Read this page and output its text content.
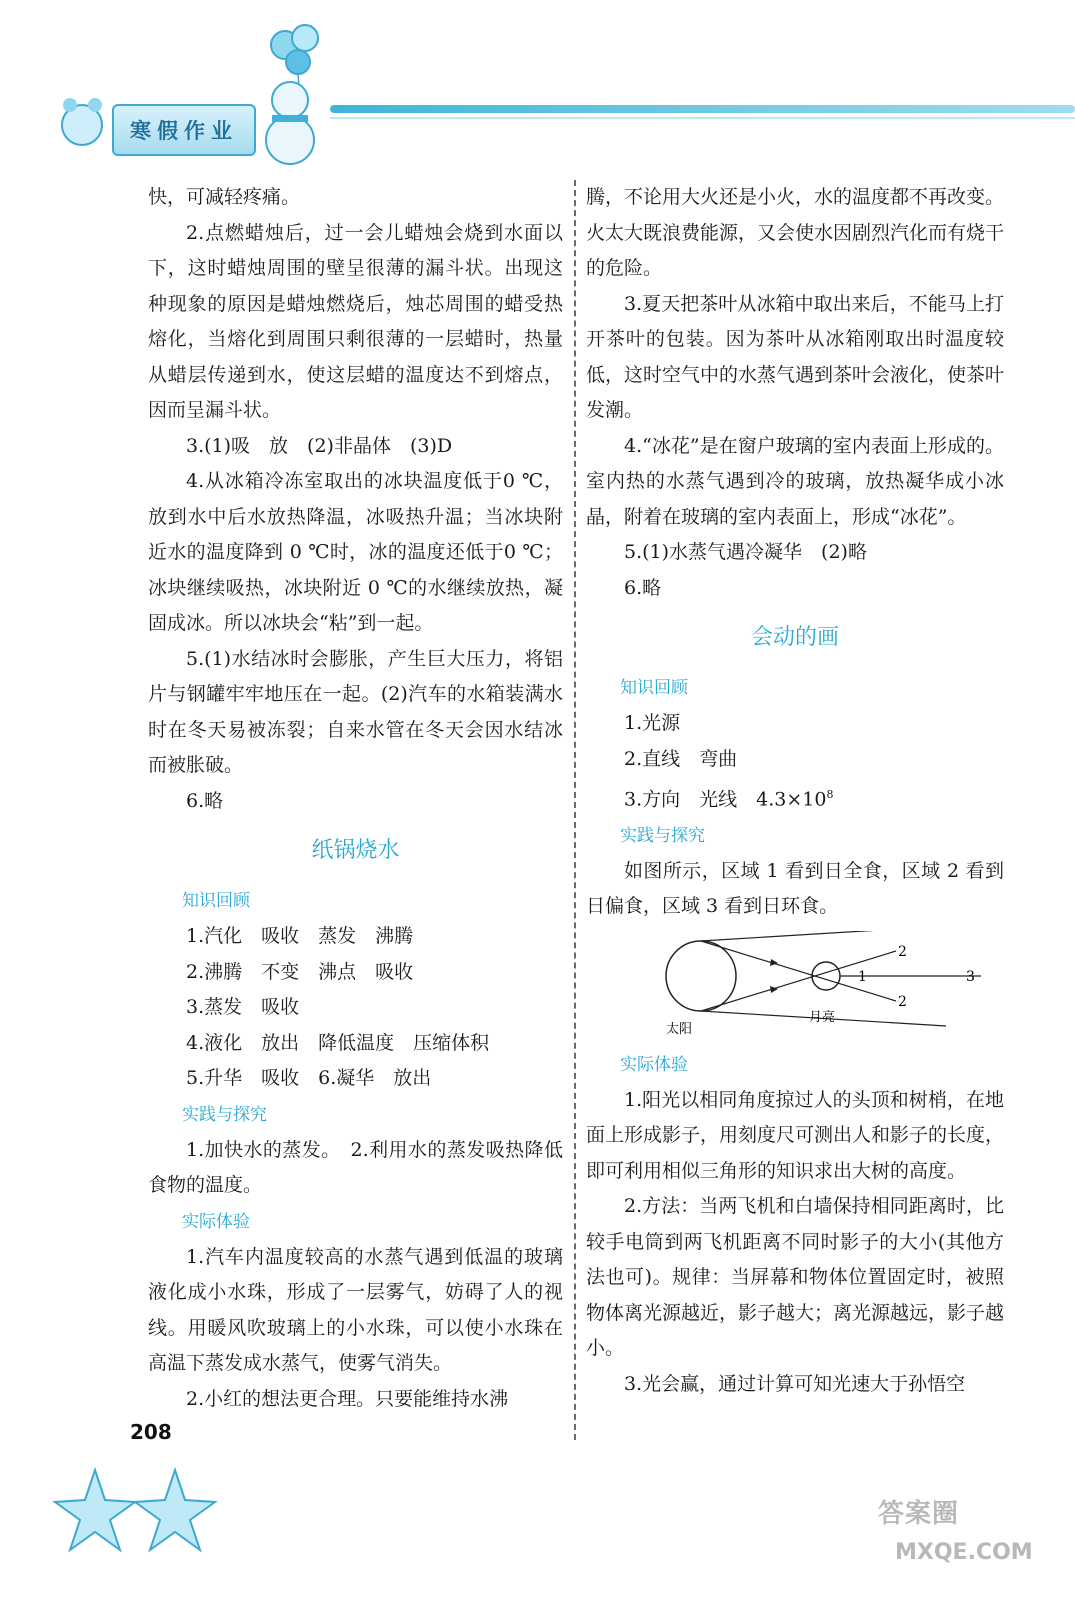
寒假作业

快，可减轻疼痛。

2.点燃蜡烛后，过一会儿蜡烛会烧到水面以下，这时蜡烛周围的壁呈很薄的漏斗状。出现这种现象的原因是蜡烛燃烧后，烛芯周围的蜡受热熔化，当熔化到周围只剩很薄的一层蜡时，热量从蜡层传递到水，使这层蜡的温度达不到熔点，因而呈漏斗状。

3.(1)吸　放　(2)非晶体　(3)D

4.从冰箱冷冻室取出的冰块温度低于0 ℃，放到水中后水放热降温，冰吸热升温；当冰块附近水的温度降到 0 ℃时，冰的温度还低于0 ℃；冰块继续吸热，冰块附近 0 ℃的水继续放热，凝固成冰。所以冰块会“粘”到一起。

5.(1)水结冰时会膨胀，产生巨大压力，将铝片与钢罐牢牢地压在一起。(2)汽车的水箱装满水时在冬天易被冻裂；自来水管在冬天会因水结冰而被胀破。

6.略

纸锅烧水
知识回顾

1.汽化　吸收　蒸发　沸腾

2.沸腾　不变　沸点　吸收

3.蒸发　吸收

4.液化　放出　降低温度　压缩体积

5.升华　吸收　6.凝华　放出

实践与探究

1.加快水的蒸发。　2.利用水的蒸发吸热降低食物的温度。

实际体验

1.汽车内温度较高的水蒸气遇到低温的玻璃液化成小水珠，形成了一层雾气，妨碍了人的视线。用暖风吹玻璃上的小水珠，可以使小水珠在高温下蒸发成水蒸气，使雾气消失。

2.小红的想法更合理。只要能维持水沸

腾，不论用大火还是小火，水的温度都不再改变。火太大既浪费能源，又会使水因剧烈汽化而有烧干的危险。

3.夏天把茶叶从冰箱中取出来后，不能马上打开茶叶的包装。因为茶叶从冰箱刚取出时温度较低，这时空气中的水蒸气遇到茶叶会液化，使茶叶发潮。

4.“冰花”是在窗户玻璃的室内表面上形成的。室内热的水蒸气遇到冷的玻璃，放热凝华成小冰晶，附着在玻璃的室内表面上，形成“冰花”。

5.(1)水蒸气遇冷凝华　(2)略

6.略

会动的画
知识回顾

1.光源

2.直线　弯曲

3.方向　光线　$4.3\times 10^8$

实践与探究

如图所示，区域 1 看到日全食，区域 2 看到日偏食，区域 3 看到日环食。

1
2
2
3
太阳
月亮
实际体验

1.阳光以相同角度掠过人的头顶和树梢，在地面上形成影子，用刻度尺可测出人和影子的长度，即可利用相似三角形的知识求出大树的高度。

2.方法：当两飞机和白墙保持相同距离时，比较手电筒到两飞机距离不同时影子的大小(其他方法也可)。规律：当屏幕和物体位置固定时，被照物体离光源越近，影子越大；离光源越远，影子越小。

3.光会赢，通过计算可知光速大于孙悟空

208
答案圈
MXQE.COM
